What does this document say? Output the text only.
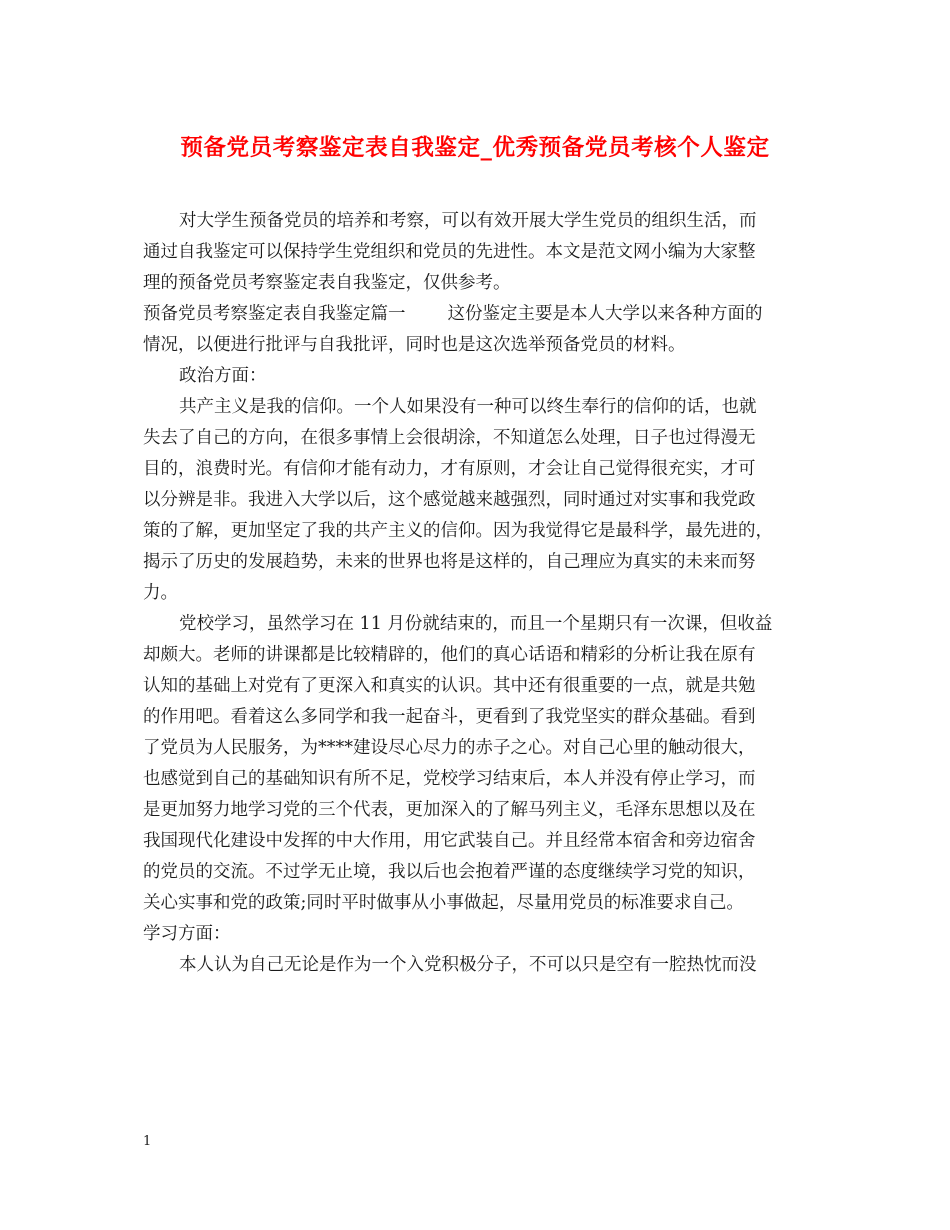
预备党员考察鉴定表自我鉴定_优秀预备党员考核个人鉴定
对大学生预备党员的培养和考察，可以有效开展大学生党员的组织生活，而
通过自我鉴定可以保持学生党组织和党员的先进性。本文是范文网小编为大家整
理的预备党员考察鉴定表自我鉴定，仅供参考。
预备党员考察鉴定表自我鉴定篇一 这份鉴定主要是本人大学以来各种方面的
情况，以便进行批评与自我批评，同时也是这次选举预备党员的材料。
政治方面：
共产主义是我的信仰。一个人如果没有一种可以终生奉行的信仰的话，也就
失去了自己的方向，在很多事情上会很胡涂，不知道怎么处理，日子也过得漫无
目的，浪费时光。有信仰才能有动力，才有原则，才会让自己觉得很充实，才可
以分辨是非。我进入大学以后，这个感觉越来越强烈，同时通过对实事和我党政
策的了解，更加坚定了我的共产主义的信仰。因为我觉得它是最科学，最先进的，
揭示了历史的发展趋势，未来的世界也将是这样的，自己理应为真实的未来而努
力。
党校学习，虽然学习在 11 月份就结束的，而且一个星期只有一次课，但收益
却颇大。老师的讲课都是比较精辟的，他们的真心话语和精彩的分析让我在原有
认知的基础上对党有了更深入和真实的认识。其中还有很重要的一点，就是共勉
的作用吧。看着这么多同学和我一起奋斗，更看到了我党坚实的群众基础。看到
了党员为人民服务，为****建设尽心尽力的赤子之心。对自己心里的触动很大，
也感觉到自己的基础知识有所不足，党校学习结束后，本人并没有停止学习，而
是更加努力地学习党的三个代表，更加深入的了解马列主义，毛泽东思想以及在
我国现代化建设中发挥的中大作用，用它武装自己。并且经常本宿舍和旁边宿舍
的党员的交流。不过学无止境，我以后也会抱着严谨的态度继续学习党的知识，
关心实事和党的政策;同时平时做事从小事做起，尽量用党员的标准要求自己。
学习方面：
本人认为自己无论是作为一个入党积极分子，不可以只是空有一腔热忱而没
1
